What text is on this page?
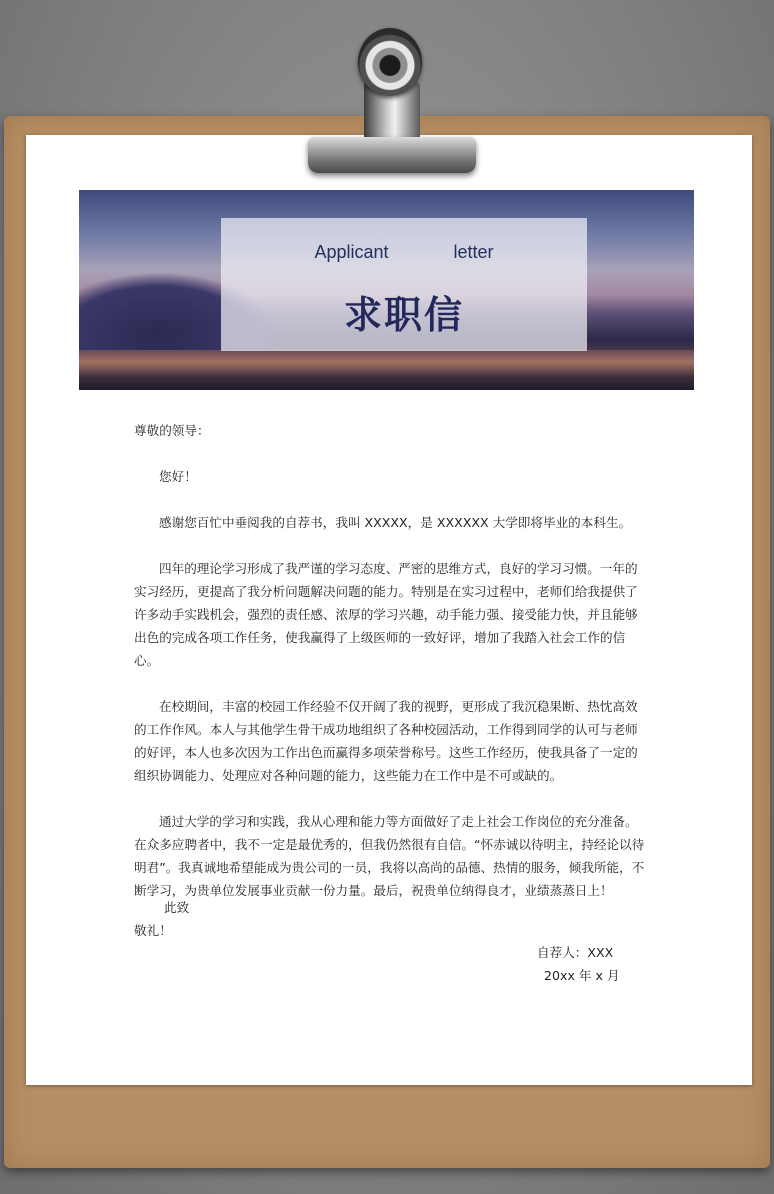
Applicant letter
求职信

尊敬的领导：

您好！

感谢您百忙中垂阅我的自荐书，我叫 XXXXX，是 XXXXXX 大学即将毕业的本科生。

四年的理论学习形成了我严谨的学习态度、严密的思维方式，良好的学习习惯。一年的实习经历，更提高了我分析问题解决问题的能力。特别是在实习过程中，老师们给我提供了许多动手实践机会，强烈的责任感、浓厚的学习兴趣，动手能力强、接受能力快，并且能够出色的完成各项工作任务，使我赢得了上级医师的一致好评，增加了我踏入社会工作的信心。

在校期间，丰富的校园工作经验不仅开阔了我的视野，更形成了我沉稳果断、热忱高效的工作作风。本人与其他学生骨干成功地组织了各种校园活动，工作得到同学的认可与老师的好评，本人也多次因为工作出色而赢得多项荣誉称号。这些工作经历，使我具备了一定的组织协调能力、处理应对各种问题的能力，这些能力在工作中是不可或缺的。

通过大学的学习和实践，我从心理和能力等方面做好了走上社会工作岗位的充分准备。在众多应聘者中，我不一定是最优秀的，但我仍然很有自信。“怀赤诚以待明主，持经论以待明君”。我真诚地希望能成为贵公司的一员，我将以高尚的品德、热情的服务，倾我所能，不断学习，为贵单位发展事业贡献一份力量。最后，祝贵单位纳得良才，业绩蒸蒸日上！

此致
敬礼！
自荐人：XXX
20xx 年 x 月
